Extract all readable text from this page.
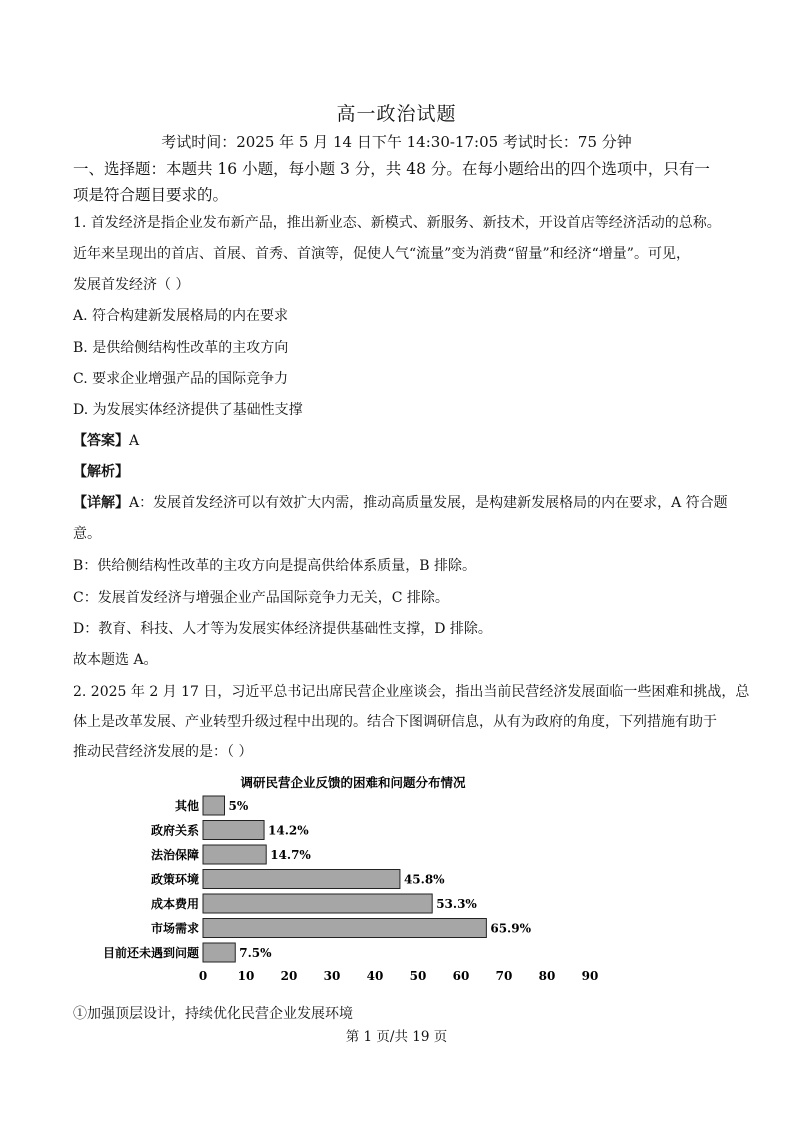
高一政治试题
考试时间：2025 年 5 月 14 日下午 14:30-17:05 考试时长：75 分钟
一、选择题：本题共 16 小题，每小题 3 分，共 48 分。在每小题给出的四个选项中，只有一
项是符合题目要求的。
1. 首发经济是指企业发布新产品，推出新业态、新模式、新服务、新技术，开设首店等经济活动的总称。
近年来呈现出的首店、首展、首秀、首演等，促使人气“流量”变为消费“留量”和经济“增量”。可见，
发展首发经济（ ）
A. 符合构建新发展格局的内在要求
B. 是供给侧结构性改革的主攻方向
C. 要求企业增强产品的国际竞争力
D. 为发展实体经济提供了基础性支撑
【答案】A
【解析】
【详解】A：发展首发经济可以有效扩大内需，推动高质量发展，是构建新发展格局的内在要求，A 符合题
意。
B：供给侧结构性改革的主攻方向是提高供给体系质量，B 排除。
C：发展首发经济与增强企业产品国际竞争力无关，C 排除。
D：教育、科技、人才等为发展实体经济提供基础性支撑，D 排除。
故本题选 A。
2. 2025 年 2 月 17 日，习近平总书记出席民营企业座谈会，指出当前民营经济发展面临一些困难和挑战，总
体上是改革发展、产业转型升级过程中出现的。结合下图调研信息，从有为政府的角度，下列措施有助于
推动民营经济发展的是：（ ）
调研民营企业反馈的困难和问题分布情况
其他 5%
政府关系	14.2%
法治保障	14.7%
政策环境	45.8%
成本费用	53.3%
市场需求	65.9%
目前还未遇到问题	7.5%
0	10 20 30 40 50 60 70 80 90
①加强顶层设计，持续优化民营企业发展环境
第 1 页/共 19 页
